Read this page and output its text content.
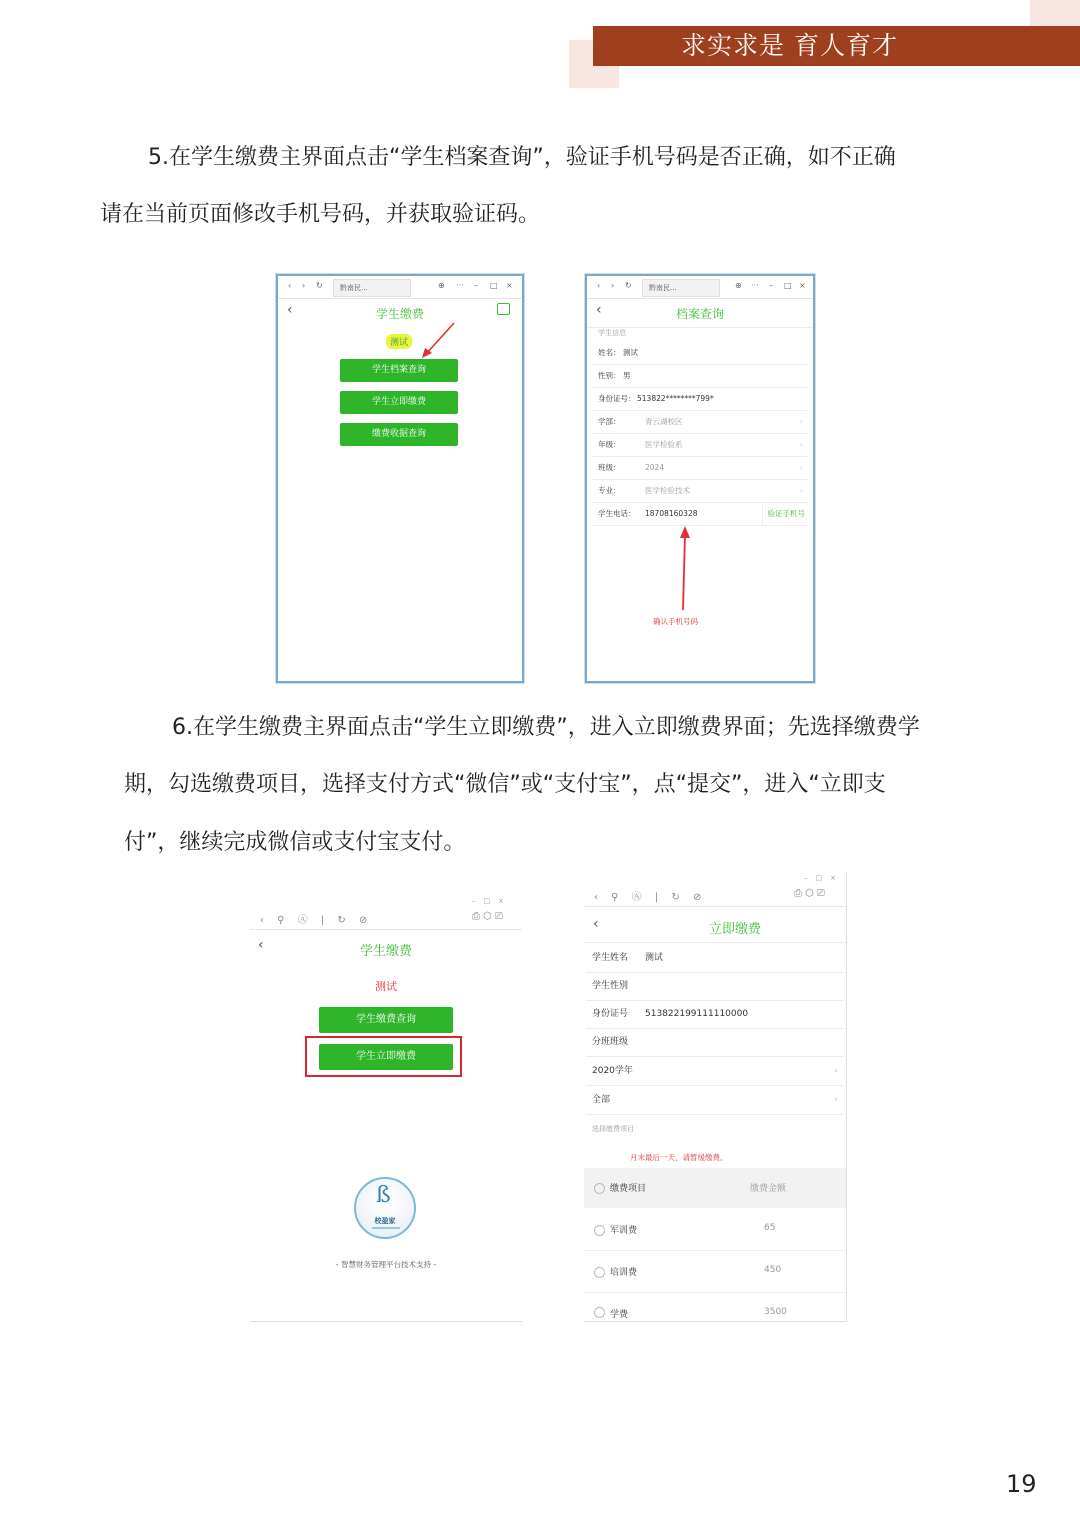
求实求是 育人育才
5.在学生缴费主界面点击“学生档案查询”，验证手机号码是否正确，如不正确
请在当前页面修改手机号码，并获取验证码。
‹ › ↻	黔南民...	⊕ ··· – □ ×
‹	学生缴费
测试
学生档案查询
学生立即缴费
缴费收据查询
‹ › ↻	黔南民...	⊕ ··· – □ ×
‹	档案查询
学生信息
姓名： 测试
性别： 男
身份证号： 513822********799*
学部：	青云湖校区	›
年级：	医学检验系	›
班级：	2024	›
专业：	医学检验技术	›
学生电话： 18708160328	验证手机号
确认手机号码
6.在学生缴费主界面点击“学生立即缴费”，进入立即缴费界面；先选择缴费学
期，勾选缴费项目，选择支付方式“微信”或“支付宝”，点“提交”，进入“立即支
付”，继续完成微信或支付宝支付。
–□×
‹ ⚲ Ⓐ | ↻ ⊘	⎙⬡⎚
‹	学生缴费
测试
学生缴费查询
学生立即缴费
ß
校盈家
- 智慧财务管理平台技术支持 -
–□×
‹ ⚲ Ⓐ | ↻ ⊘	⎙⬡⎚
‹	立即缴费
学生姓名 测试
学生性别
身份证号 513822199111110000
分班班级
2020学年	›
全部	›
选择缴费项目
月末最后一天，请暂缓缴费。
缴费项目	缴费金额
军训费	65
培训费	450
学费	3500
19
